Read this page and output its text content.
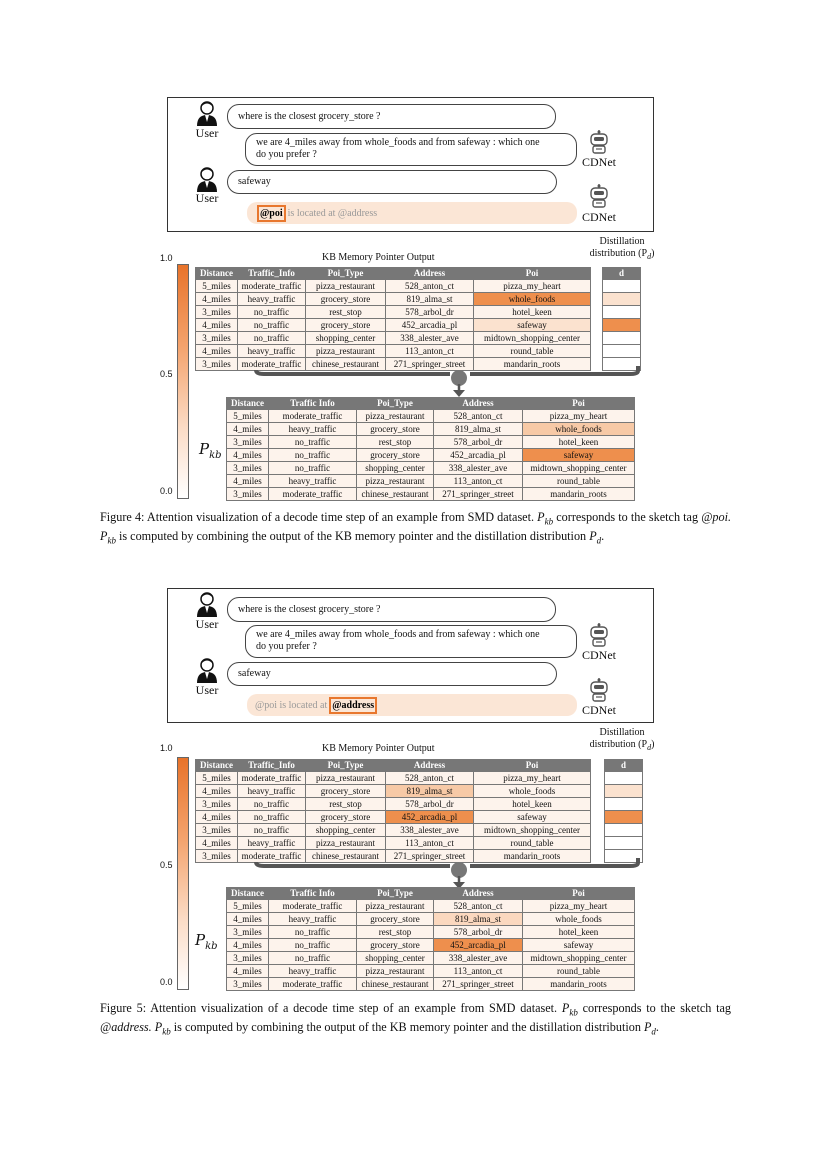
User
where is the closest grocery_store ?
we are 4_miles away from whole_foods and from safeway : which one
do you prefer ?
CDNet
User
safeway
@poi is located at @address	CDNet
1.0
0.5
0.0
$P_{kb}$
KB Memory Pointer Output
Distillation
distribution $(P_d)$
Distance	Traffic_Info	Poi_Type	Address	Poi
5_miles	moderate_traffic	pizza_restaurant	528_anton_ct	pizza_my_heart
4_miles	heavy_traffic	grocery_store	819_alma_st	whole_foods
3_miles	no_traffic	rest_stop	578_arbol_dr	hotel_keen
4_miles	no_traffic	grocery_store	452_arcadia_pl	safeway
3_miles	no_traffic	shopping_center	338_alester_ave	midtown_shopping_center
4_miles	heavy_traffic	pizza_restaurant	113_anton_ct	round_table
3_miles	moderate_traffic	chinese_restaurant	271_springer_street	mandarin_roots
d

Distance	Traffic Info	Poi_Type	Address	Poi
5_miles	moderate_traffic	pizza_restaurant	528_anton_ct	pizza_my_heart
4_miles	heavy_traffic	grocery_store	819_alma_st	whole_foods
3_miles	no_traffic	rest_stop	578_arbol_dr	hotel_keen
4_miles	no_traffic	grocery_store	452_arcadia_pl	safeway
3_miles	no_traffic	shopping_center	338_alester_ave	midtown_shopping_center
4_miles	heavy_traffic	pizza_restaurant	113_anton_ct	round_table
3_miles	moderate_traffic	chinese_restaurant	271_springer_street	mandarin_roots
Figure 4: Attention visualization of a decode time step of an example from SMD dataset. $P_{kb}$ corresponds to the sketch tag @poi. $P_{kb}$ is computed by combining the output of the KB memory pointer and the distillation distribution $P_d$.
User
where is the closest grocery_store ?
we are 4_miles away from whole_foods and from safeway : which one
do you prefer ?
CDNet
User
safeway
@poi is located at @address	CDNet
1.0
0.5
0.0
$P_{kb}$
KB Memory Pointer Output
Distillation
distribution $(P_d)$
Distance	Traffic_Info	Poi_Type	Address	Poi
5_miles	moderate_traffic	pizza_restaurant	528_anton_ct	pizza_my_heart
4_miles	heavy_traffic	grocery_store	819_alma_st	whole_foods
3_miles	no_traffic	rest_stop	578_arbol_dr	hotel_keen
4_miles	no_traffic	grocery_store	452_arcadia_pl	safeway
3_miles	no_traffic	shopping_center	338_alester_ave	midtown_shopping_center
4_miles	heavy_traffic	pizza_restaurant	113_anton_ct	round_table
3_miles	moderate_traffic	chinese_restaurant	271_springer_street	mandarin_roots
d

Distance	Traffic Info	Poi_Type	Address	Poi
5_miles	moderate_traffic	pizza_restaurant	528_anton_ct	pizza_my_heart
4_miles	heavy_traffic	grocery_store	819_alma_st	whole_foods
3_miles	no_traffic	rest_stop	578_arbol_dr	hotel_keen
4_miles	no_traffic	grocery_store	452_arcadia_pl	safeway
3_miles	no_traffic	shopping_center	338_alester_ave	midtown_shopping_center
4_miles	heavy_traffic	pizza_restaurant	113_anton_ct	round_table
3_miles	moderate_traffic	chinese_restaurant	271_springer_street	mandarin_roots
Figure 5: Attention visualization of a decode time step of an example from SMD dataset. $P_{kb}$ corresponds to the sketch tag @address. $P_{kb}$ is computed by combining the output of the KB memory pointer and the distillation distribution $P_d$.
